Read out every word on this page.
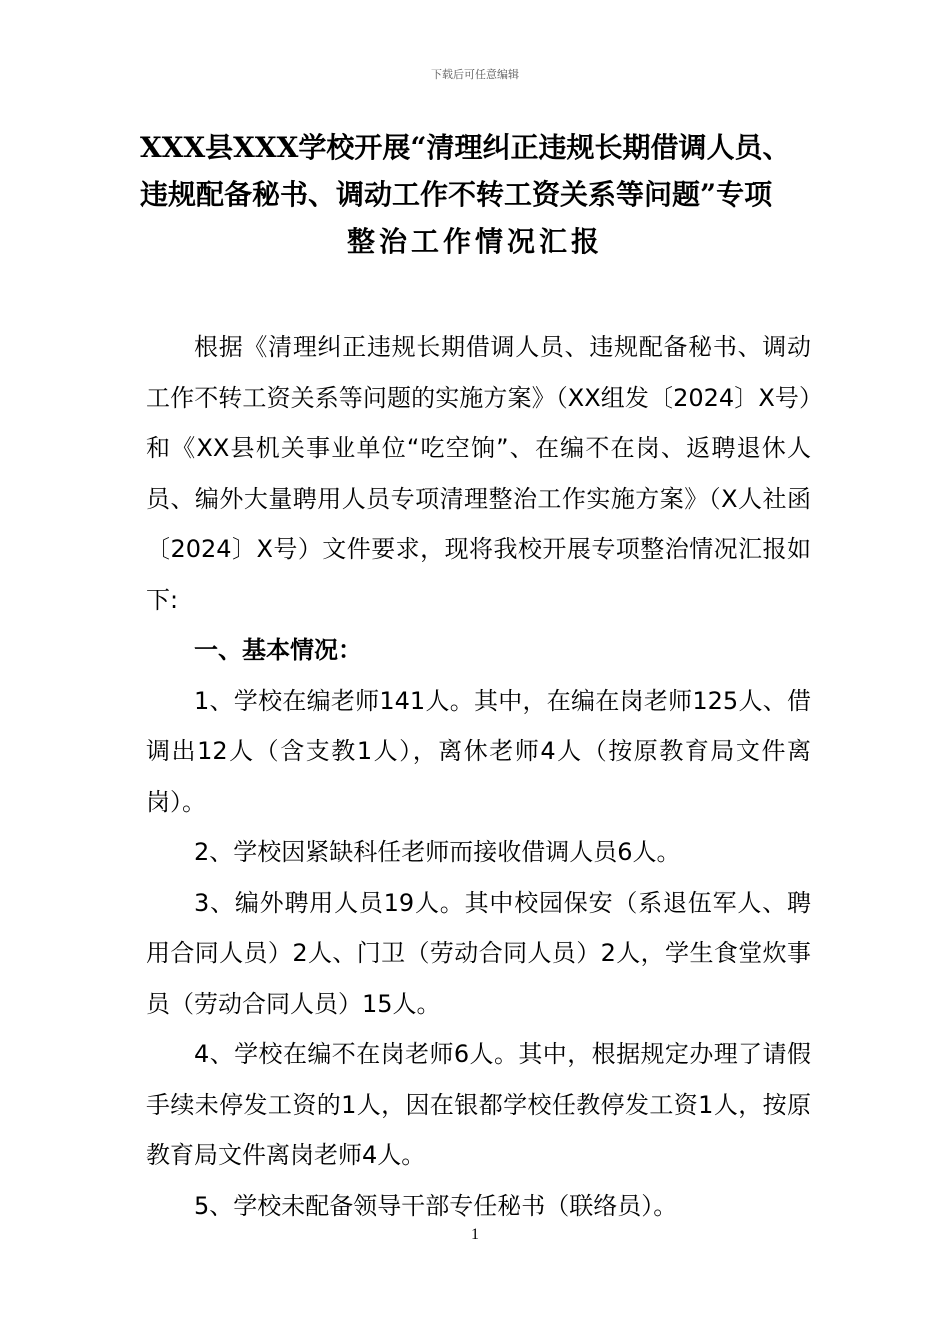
下载后可任意编辑
XXX县XXX学校开展“清理纠正违规长期借调人员、
违规配备秘书、调动工作不转工资关系等问题”专项
整治工作情况汇报

根据《清理纠正违规长期借调人员、违规配备秘书、调动工作不转工资关系等问题的实施方案》（XX组发〔2024〕X号）和《XX县机关事业单位“吃空饷”、在编不在岗、返聘退休人员、编外大量聘用人员专项清理整治工作实施方案》（X人社函〔2024〕X号）文件要求，现将我校开展专项整治情况汇报如下:

一、基本情况：

1、学校在编老师141人。其中，在编在岗老师125人、借调出12人（含支教1人），离休老师4人（按原教育局文件离岗）。

2、学校因紧缺科任老师而接收借调人员6人。

3、编外聘用人员19人。其中校园保安（系退伍军人、聘用合同人员）2人、门卫（劳动合同人员）2人，学生食堂炊事员（劳动合同人员）15人。

4、学校在编不在岗老师6人。其中，根据规定办理了请假手续未停发工资的1人，因在银都学校任教停发工资1人，按原教育局文件离岗老师4人。

5、学校未配备领导干部专任秘书（联络员）。

1
